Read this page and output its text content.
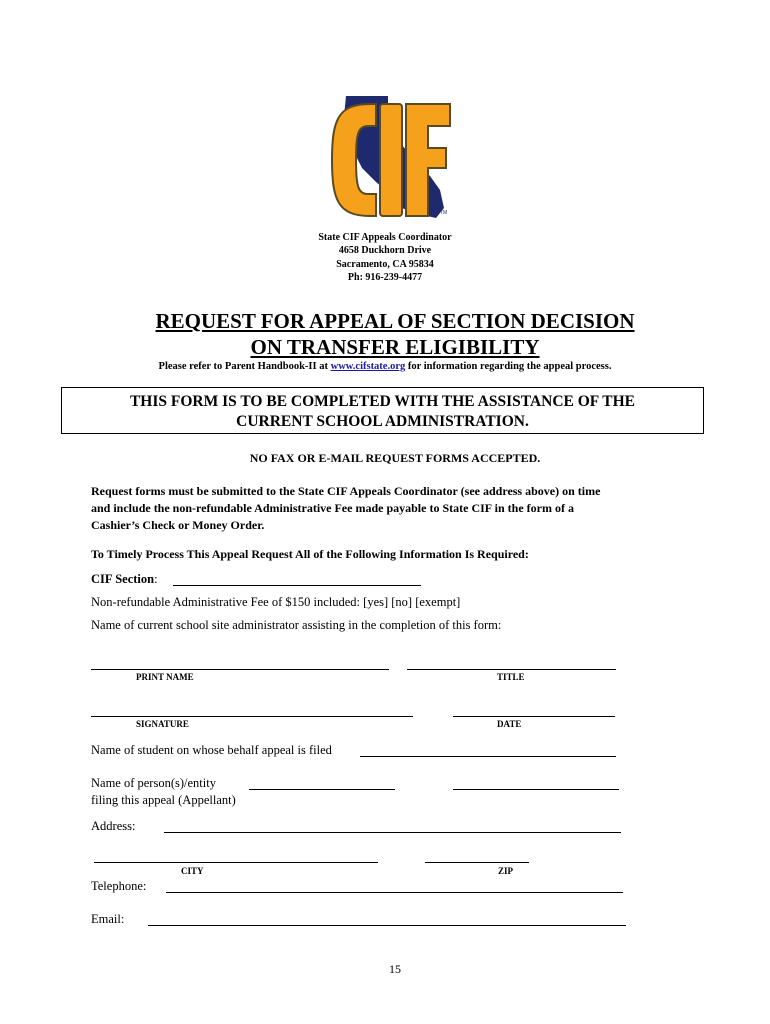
TM
State CIF Appeals Coordinator
4658 Duckhorn Drive
Sacramento, CA 95834
Ph: 916-239-4477
REQUEST FOR APPEAL OF SECTION DECISION
ON TRANSFER ELIGIBILITY
Please refer to Parent Handbook-II at www.cifstate.org for information regarding the appeal process.
THIS FORM IS TO BE COMPLETED WITH THE ASSISTANCE OF THE
CURRENT SCHOOL ADMINISTRATION.
NO FAX OR E-MAIL REQUEST FORMS ACCEPTED.
Request forms must be submitted to the State CIF Appeals Coordinator (see address above) on time
and include the non-refundable Administrative Fee made payable to State CIF in the form of a
Cashier’s Check or Money Order.
To Timely Process This Appeal Request All of the Following Information Is Required:
CIF Section:
Non-refundable Administrative Fee of $150 included: [yes] [no] [exempt]
Name of current school site administrator assisting in the completion of this form:
PRINT NAME	TITLE
SIGNATURE	DATE
Name of student on whose behalf appeal is filed
Name of person(s)/entity
filing this appeal (Appellant)
Address:
CITY	ZIP
Telephone:
Email:
15
